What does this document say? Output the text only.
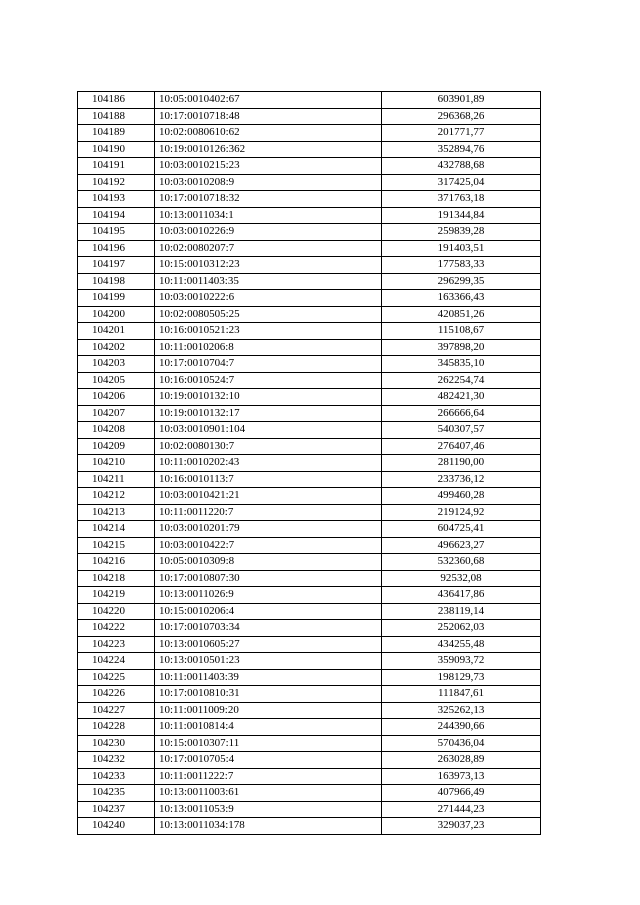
104186	10:05:0010402:67	603901,89
104188	10:17:0010718:48	296368,26
104189	10:02:0080610:62	201771,77
104190	10:19:0010126:362	352894,76
104191	10:03:0010215:23	432788,68
104192	10:03:0010208:9	317425,04
104193	10:17:0010718:32	371763,18
104194	10:13:0011034:1	191344,84
104195	10:03:0010226:9	259839,28
104196	10:02:0080207:7	191403,51
104197	10:15:0010312:23	177583,33
104198	10:11:0011403:35	296299,35
104199	10:03:0010222:6	163366,43
104200	10:02:0080505:25	420851,26
104201	10:16:0010521:23	115108,67
104202	10:11:0010206:8	397898,20
104203	10:17:0010704:7	345835,10
104205	10:16:0010524:7	262254,74
104206	10:19:0010132:10	482421,30
104207	10:19:0010132:17	266666,64
104208	10:03:0010901:104	540307,57
104209	10:02:0080130:7	276407,46
104210	10:11:0010202:43	281190,00
104211	10:16:0010113:7	233736,12
104212	10:03:0010421:21	499460,28
104213	10:11:0011220:7	219124,92
104214	10:03:0010201:79	604725,41
104215	10:03:0010422:7	496623,27
104216	10:05:0010309:8	532360,68
104218	10:17:0010807:30	92532,08
104219	10:13:0011026:9	436417,86
104220	10:15:0010206:4	238119,14
104222	10:17:0010703:34	252062,03
104223	10:13:0010605:27	434255,48
104224	10:13:0010501:23	359093,72
104225	10:11:0011403:39	198129,73
104226	10:17:0010810:31	111847,61
104227	10:11:0011009:20	325262,13
104228	10:11:0010814:4	244390,66
104230	10:15:0010307:11	570436,04
104232	10:17:0010705:4	263028,89
104233	10:11:0011222:7	163973,13
104235	10:13:0011003:61	407966,49
104237	10:13:0011053:9	271444,23
104240	10:13:0011034:178	329037,23
